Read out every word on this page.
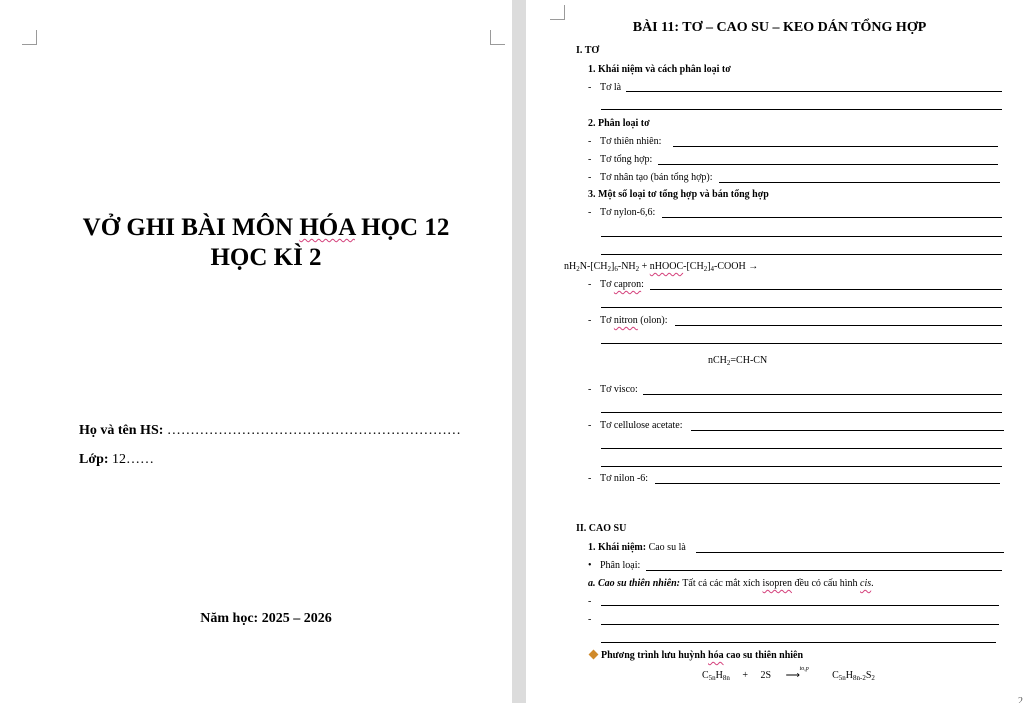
VỞ GHI BÀI MÔN HÓA HỌC 12
HỌC KÌ 2
Họ và tên HS: ………………………………………………………
Lớp: 12……
Năm học: 2025 – 2026
BÀI 11: TƠ – CAO SU – KEO DÁN TỔNG HỢP
I. TƠ
1. Khái niệm và cách phân loại tơ
- Tơ là
2. Phân loại tơ
- Tơ thiên nhiên:
- Tơ tổng hợp:
- Tơ nhân tạo (bán tổng hợp):
3. Một số loại tơ tổng hợp và bán tổng hợp
- Tơ nylon-6,6:
$nH_2N-[CH_2]_6-NH_2$ + nHOOC-$[CH_2]_4$-COOH →
- Tơ capron:
- Tơ nitron (olon):
nCH$_2$=CH-CN
- Tơ visco:
- Tơ cellulose acetate:
- Tơ nilon -6:
II. CAO SU
1. Khái niệm: Cao su là
• Phân loại:
a. Cao su thiên nhiên: Tất cả các mắt xích isopren đều có cấu hình cis.
-
-
Phương trình lưu huỳnh hóa cao su thiên nhiên
$C_{5n}H_{8n} + 2S$
to,p
⟶	$C_{5n}H_{8n-2}S_2$
2
